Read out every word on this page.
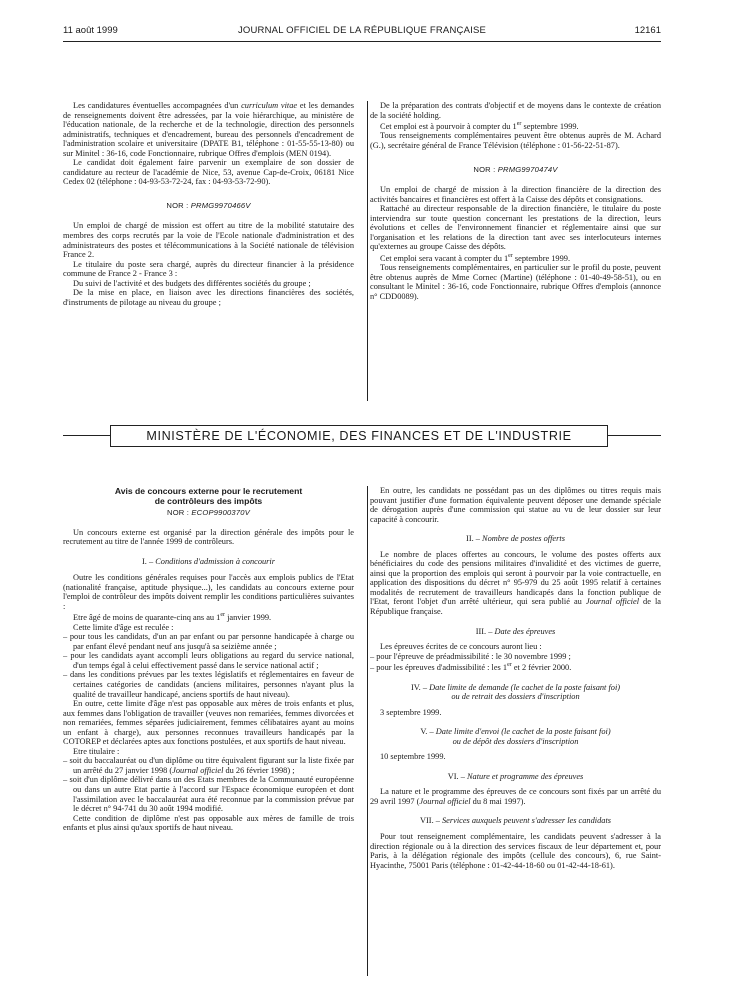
11 août 1999	JOURNAL OFFICIEL DE LA RÉPUBLIQUE FRANÇAISE	12161

Les candidatures éventuelles accompagnées d'un curriculum vitae et les demandes de renseignements doivent être adressées, par la voie hiérarchique, au ministère de l'éducation nationale, de la recherche et de la technologie, direction des personnels administratifs, techniques et d'encadrement, bureau des personnels d'encadrement de l'administration scolaire et universitaire (DPATE B1, téléphone : 01-55-55-13-80) ou sur Minitel : 36-16, code Fonctionnaire, rubrique Offres d'emplois (MEN 0194).

Le candidat doit également faire parvenir un exemplaire de son dossier de candidature au recteur de l'académie de Nice, 53, avenue Cap-de-Croix, 06181 Nice Cedex 02 (téléphone : 04-93-53-72-24, fax : 04-93-53-72-90).

NOR : PRMG9970466V

Un emploi de chargé de mission est offert au titre de la mobilité statutaire des membres des corps recrutés par la voie de l'Ecole nationale d'administration et des administrateurs des postes et télécommunications à la Société nationale de télévision France 2.

Le titulaire du poste sera chargé, auprès du directeur financier à la présidence commune de France 2 - France 3 :

Du suivi de l'activité et des budgets des différentes sociétés du groupe ;

De la mise en place, en liaison avec les directions financières des sociétés, d'instruments de pilotage au niveau du groupe ;

De la préparation des contrats d'objectif et de moyens dans le contexte de création de la société holding.

Cet emploi est à pourvoir à compter du 1er septembre 1999.

Tous renseignements complémentaires peuvent être obtenus auprès de M. Achard (G.), secrétaire général de France Télévision (téléphone : 01-56-22-51-87).

NOR : PRMG9970474V

Un emploi de chargé de mission à la direction financière de la direction des activités bancaires et financières est offert à la Caisse des dépôts et consignations.

Rattaché au directeur responsable de la direction financière, le titulaire du poste interviendra sur toute question concernant les prestations de la direction, leurs évolutions et celles de l'environnement financier et réglementaire ainsi que sur l'organisation et les relations de la direction tant avec ses interlocuteurs internes qu'externes au groupe Caisse des dépôts.

Cet emploi sera vacant à compter du 1er septembre 1999.

Tous renseignements complémentaires, en particulier sur le profil du poste, peuvent être obtenus auprès de Mme Cornec (Martine) (téléphone : 01-40-49-58-51), ou en consultant le Minitel : 36-16, code Fonctionnaire, rubrique Offres d'emplois (annonce n° CDD0089).

MINISTÈRE DE L'ÉCONOMIE, DES FINANCES ET DE L'INDUSTRIE

Avis de concours externe pour le recrutement

de contrôleurs des impôts

NOR : ECOP9900370V

Un concours externe est organisé par la direction générale des impôts pour le recrutement au titre de l'année 1999 de contrôleurs.

I. – Conditions d'admission à concourir

Outre les conditions générales requises pour l'accès aux emplois publics de l'Etat (nationalité française, aptitude physique...), les candidats au concours externe pour l'emploi de contrôleur des impôts doivent remplir les conditions particulières suivantes :

Etre âgé de moins de quarante-cinq ans au 1er janvier 1999.

Cette limite d'âge est reculée :

– pour tous les candidats, d'un an par enfant ou par personne handicapée à charge ou par enfant élevé pendant neuf ans jusqu'à sa seizième année ;

– pour les candidats ayant accompli leurs obligations au regard du service national, d'un temps égal à celui effectivement passé dans le service national actif ;

– dans les conditions prévues par les textes législatifs et réglementaires en faveur de certaines catégories de candidats (anciens militaires, personnes n'ayant plus la qualité de travailleur handicapé, anciens sportifs de haut niveau).

En outre, cette limite d'âge n'est pas opposable aux mères de trois enfants et plus, aux femmes dans l'obligation de travailler (veuves non remariées, femmes divorcées et non remariées, femmes séparées judiciairement, femmes célibataires ayant au moins un enfant à charge), aux personnes reconnues travailleurs handicapés par la COTOREP et déclarées aptes aux fonctions postulées, et aux sportifs de haut niveau.

Etre titulaire :

– soit du baccalauréat ou d'un diplôme ou titre équivalent figurant sur la liste fixée par un arrêté du 27 janvier 1998 (Journal officiel du 26 février 1998) ;

– soit d'un diplôme délivré dans un des Etats membres de la Communauté européenne ou dans un autre Etat partie à l'accord sur l'Espace économique européen et dont l'assimilation avec le baccalauréat aura été reconnue par la commission prévue par le décret n° 94-741 du 30 août 1994 modifié.

Cette condition de diplôme n'est pas opposable aux mères de famille de trois enfants et plus ainsi qu'aux sportifs de haut niveau.

En outre, les candidats ne possédant pas un des diplômes ou titres requis mais pouvant justifier d'une formation équivalente peuvent déposer une demande spéciale de dérogation auprès d'une commission qui statue au vu de leur dossier sur leur capacité à concourir.

II. – Nombre de postes offerts

Le nombre de places offertes au concours, le volume des postes offerts aux bénéficiaires du code des pensions militaires d'invalidité et des victimes de guerre, ainsi que la proportion des emplois qui seront à pourvoir par la voie contractuelle, en application des dispositions du décret n° 95-979 du 25 août 1995 relatif à certaines modalités de recrutement de travailleurs handicapés dans la fonction publique de l'Etat, feront l'objet d'un arrêté ultérieur, qui sera publié au Journal officiel de la République française.

III. – Date des épreuves

Les épreuves écrites de ce concours auront lieu :

– pour l'épreuve de préadmissibilité : le 30 novembre 1999 ;

– pour les épreuves d'admissibilité : les 1er et 2 février 2000.

IV. – Date limite de demande (le cachet de la poste faisant foi)
ou de retrait des dossiers d'inscription

3 septembre 1999.

V. – Date limite d'envoi (le cachet de la poste faisant foi)
ou de dépôt des dossiers d'inscription

10 septembre 1999.

VI. – Nature et programme des épreuves

La nature et le programme des épreuves de ce concours sont fixés par un arrêté du 29 avril 1997 (Journal officiel du 8 mai 1997).

VII. – Services auxquels peuvent s'adresser les candidats

Pour tout renseignement complémentaire, les candidats peuvent s'adresser à la direction régionale ou à la direction des services fiscaux de leur département et, pour Paris, à la délégation régionale des impôts (cellule des concours), 6, rue Saint-Hyacinthe, 75001 Paris (téléphone : 01-42-44-18-60 ou 01-42-44-18-61).
